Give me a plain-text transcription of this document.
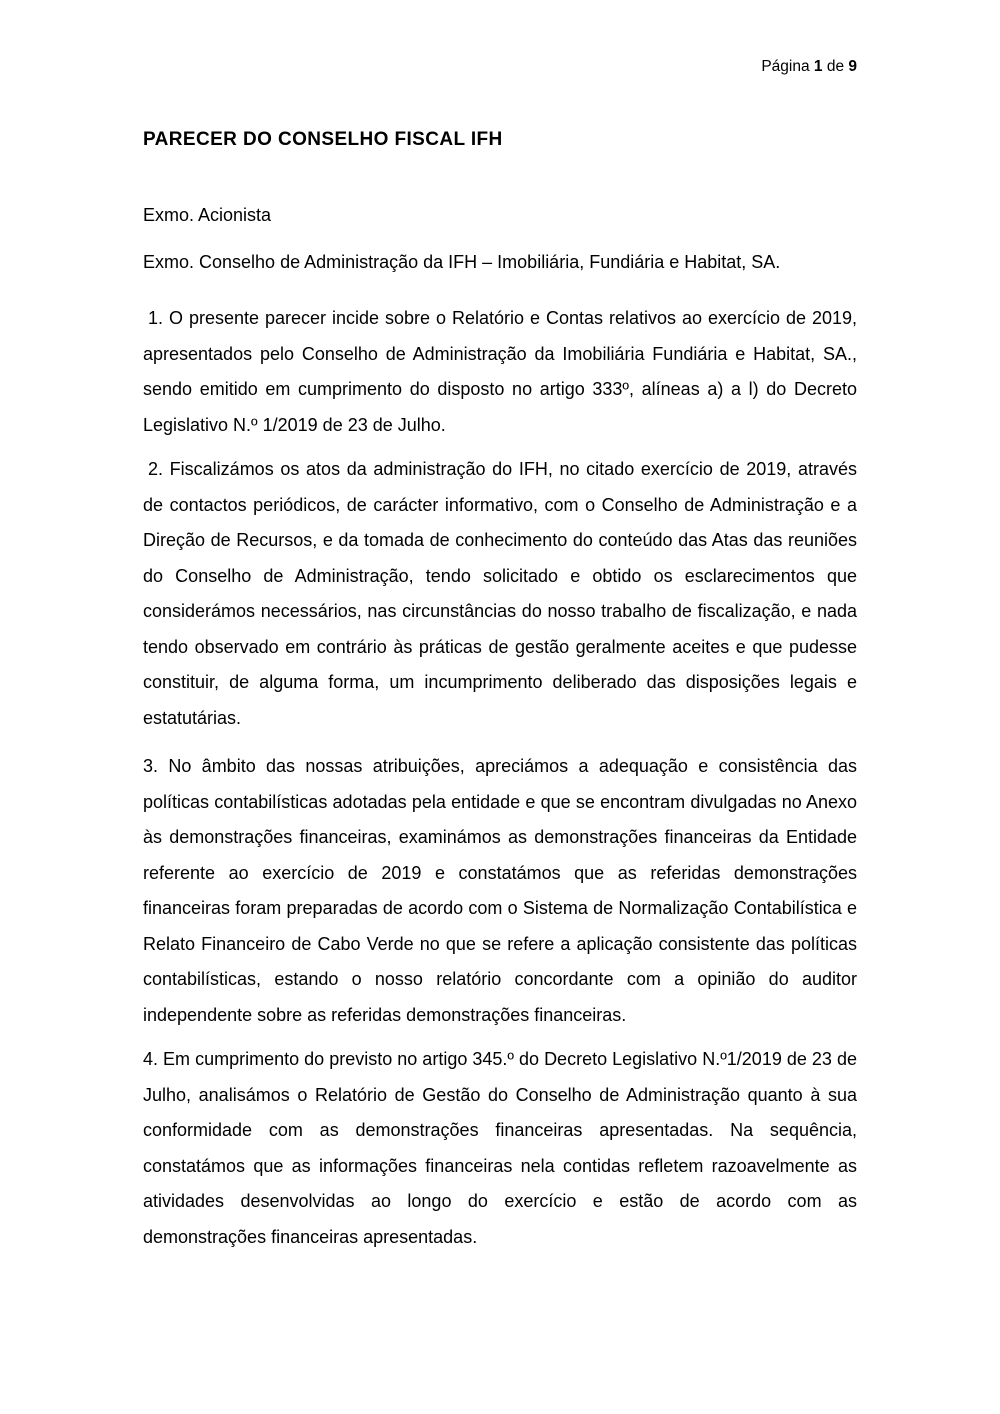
Página 1 de 9
PARECER DO CONSELHO FISCAL IFH

Exmo. Acionista

Exmo. Conselho de Administração da IFH – Imobiliária, Fundiária e Habitat, SA.

1. O presente parecer incide sobre o Relatório e Contas relativos ao exercício de 2019, apresentados pelo Conselho de Administração da Imobiliária Fundiária e Habitat, SA., sendo emitido em cumprimento do disposto no artigo 333º, alíneas a) a l) do Decreto Legislativo N.º 1/2019 de 23 de Julho.

2. Fiscalizámos os atos da administração do IFH, no citado exercício de 2019, através de contactos periódicos, de carácter informativo, com o Conselho de Administração e a Direção de Recursos, e da tomada de conhecimento do conteúdo das Atas das reuniões do Conselho de Administração, tendo solicitado e obtido os esclarecimentos que considerámos necessários, nas circunstâncias do nosso trabalho de fiscalização, e nada tendo observado em contrário às práticas de gestão geralmente aceites e que pudesse constituir, de alguma forma, um incumprimento deliberado das disposições legais e estatutárias.

3. No âmbito das nossas atribuições, apreciámos a adequação e consistência das políticas contabilísticas adotadas pela entidade e que se encontram divulgadas no Anexo às demonstrações financeiras, examinámos as demonstrações financeiras da Entidade referente ao exercício de 2019 e constatámos que as referidas demonstrações financeiras foram preparadas de acordo com o Sistema de Normalização Contabilística e Relato Financeiro de Cabo Verde no que se refere a aplicação consistente das políticas contabilísticas, estando o nosso relatório concordante com a opinião do auditor independente sobre as referidas demonstrações financeiras.

4. Em cumprimento do previsto no artigo 345.º do Decreto Legislativo N.º1/2019 de 23 de Julho, analisámos o Relatório de Gestão do Conselho de Administração quanto à sua conformidade com as demonstrações financeiras apresentadas. Na sequência, constatámos que as informações financeiras nela contidas refletem razoavelmente as atividades desenvolvidas ao longo do exercício e estão de acordo com as demonstrações financeiras apresentadas.
